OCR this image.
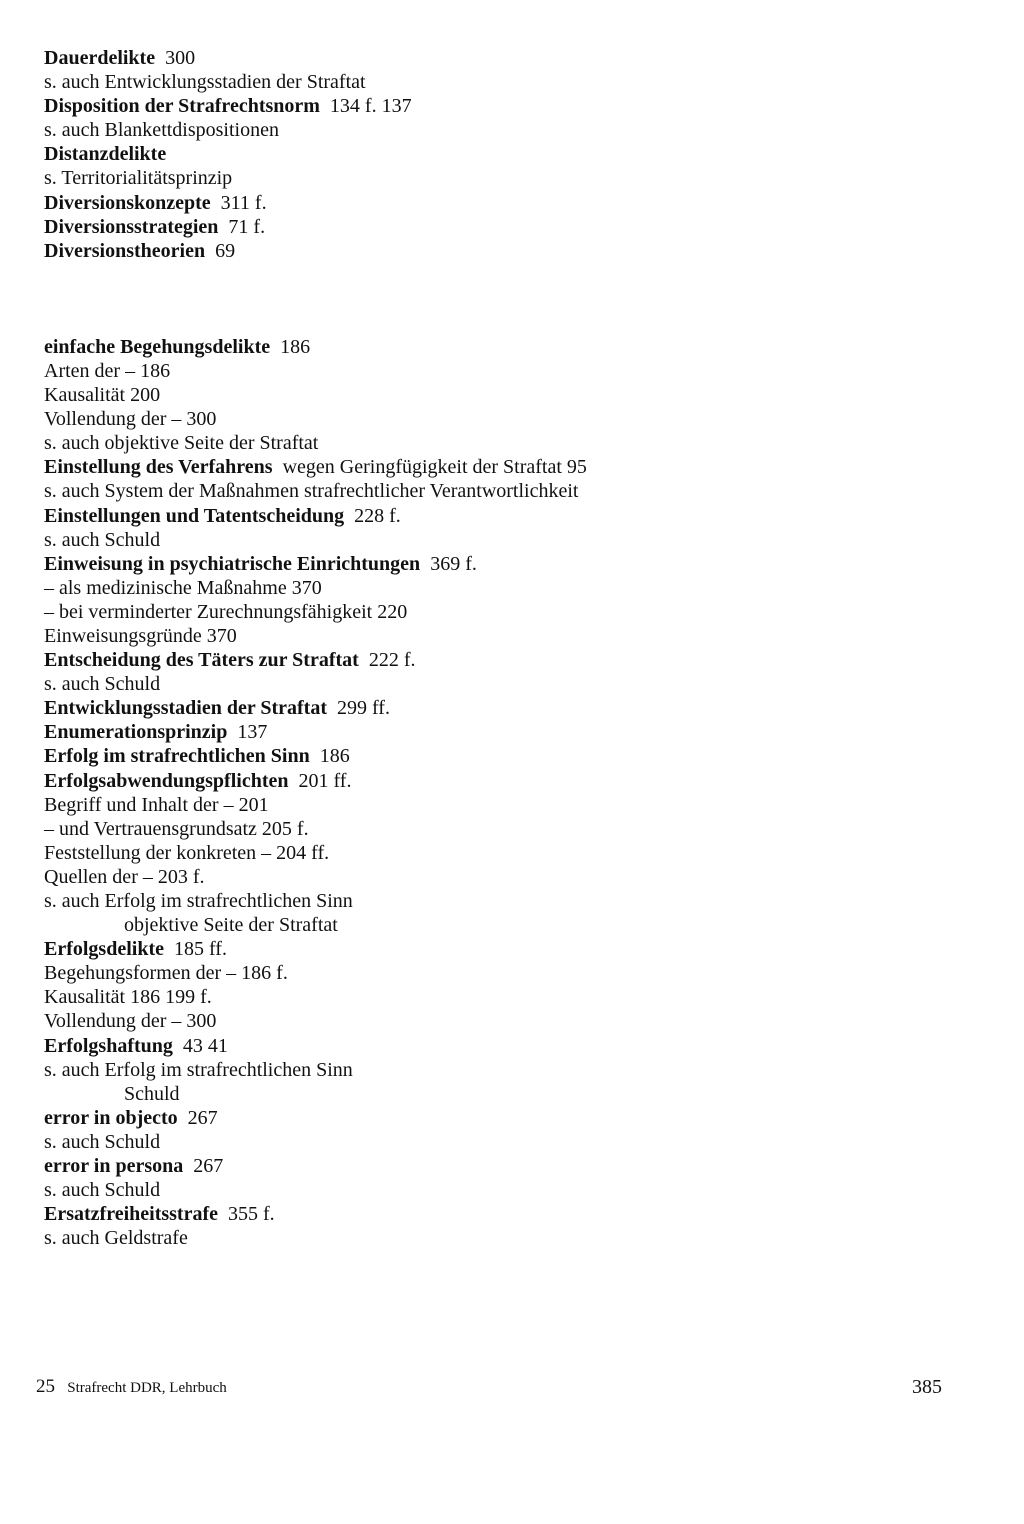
Dauerdelikte 300
s. auch Entwicklungsstadien der Straftat
Disposition der Strafrechtsnorm 134 f. 137
s. auch Blankettdispositionen
Distanzdelikte
s. Territorialitätsprinzip
Diversionskonzepte 311 f.
Diversionsstrategien 71 f.
Diversionstheorien 69
einfache Begehungsdelikte 186
Arten der – 186
Kausalität 200
Vollendung der – 300
s. auch objektive Seite der Straftat
Einstellung des Verfahrens wegen Geringfügigkeit der Straftat 95
s. auch System der Maßnahmen strafrechtlicher Verantwortlichkeit
Einstellungen und Tatentscheidung 228 f.
s. auch Schuld
Einweisung in psychiatrische Einrichtungen 369 f.
– als medizinische Maßnahme 370
– bei verminderter Zurechnungsfähigkeit 220
Einweisungsgründe 370
Entscheidung des Täters zur Straftat 222 f.
s. auch Schuld
Entwicklungsstadien der Straftat 299 ff.
Enumerationsprinzip 137
Erfolg im strafrechtlichen Sinn 186
Erfolgsabwendungspflichten 201 ff.
Begriff und Inhalt der – 201
– und Vertrauensgrundsatz 205 f.
Feststellung der konkreten – 204 ff.
Quellen der – 203 f.
s. auch Erfolg im strafrechtlichen Sinn
objektive Seite der Straftat
Erfolgsdelikte 185 ff.
Begehungsformen der – 186 f.
Kausalität 186 199 f.
Vollendung der – 300
Erfolgshaftung 43 41
s. auch Erfolg im strafrechtlichen Sinn
Schuld
error in objecto 267
s. auch Schuld
error in persona 267
s. auch Schuld
Ersatzfreiheitsstrafe 355 f.
s. auch Geldstrafe
25 Strafrecht DDR, Lehrbuch	385
